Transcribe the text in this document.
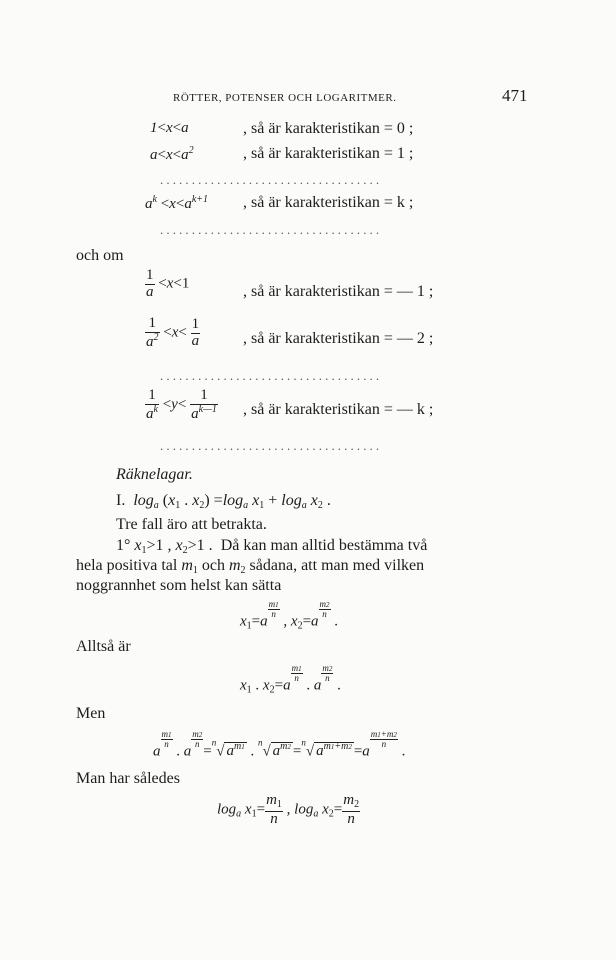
RÖTTER, POTENSER OCH LOGARITMER.	471
1<x<a	, så är karakteristikan = 0 ;
$a<x<a^2$	, så är karakteristikan = 1 ;
...................................
$a^k <x<a^{k+1}$ , så är karakteristikan = k ;
...................................
och om
$\frac{1}{a} <x<1$	, så är karakteristikan = — 1 ;
$\frac{1}{a^2} <x< \frac{1}{a}$	, så är karakteristikan = — 2 ;
...................................
$\frac{1}{a^k} <y< \frac{1}{a^{k—1}}$ , så är karakteristikan = — k ;
...................................
Räknelagar.
I.  $\log_a (x_1$ . $x_2) =\log_a$ $x_1 + \log_a x_2$ .
Tre fall äro att betrakta.
1° $x_1>1$ , $x_2>1$ .  Då kan man alltid bestämma två
hela positiva tal $m_1$ och $m_2$ sådana, att man med vilken
noggrannhet som helst kan sätta
$x_1=a$
$\frac{m1}{n}$
, $x_2=a$
$\frac{m2}{n}$
.
Alltså är
$x_1$ . $x_2=a$
$\frac{m1}{n}$
. a
$\frac{m2}{n}$
.
Men
a
$\frac{m1}{n}$
. a
$\frac{m2}{n}$
=$^n$√ $a^{m1}$ . $^n$√ $a^{m2} =^n√$ $a^{m1+m2} =a$
$\frac{m1+m2}{n}$
.
Man har således
$\log_a x_1= \frac{m_1}{n}$ , $\log_a x_2= \frac{m_2}{n}$
